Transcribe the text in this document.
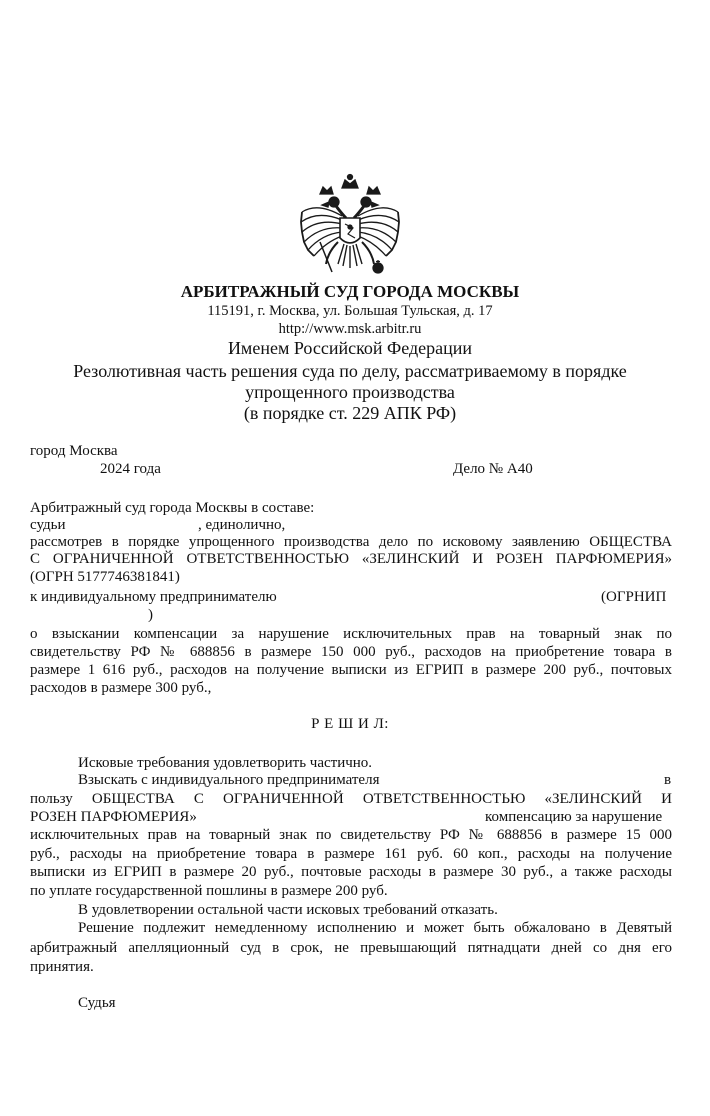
АРБИТРАЖНЫЙ СУД ГОРОДА МОСКВЫ
115191, г. Москва, ул. Большая Тульская, д. 17
http://www.msk.arbitr.ru
Именем Российской Федерации
Резолютивная часть решения суда по делу, рассматриваемому в порядке
упрощенного производства
(в порядке ст. 229 АПК РФ)
город Москва
2024 года	Дело № А40
Арбитражный суд города Москвы в составе:
судьи	, единолично,
рассмотрев в порядке упрощенного производства дело по исковому заявлению ОБЩЕСТВА
С ОГРАНИЧЕННОЙ ОТВЕТСТВЕННОСТЬЮ «ЗЕЛИНСКИЙ И РОЗЕН ПАРФЮМЕРИЯ»
(ОГРН 5177746381841)
к индивидуальному предпринимателю	(ОГРНИП
)
о взыскании компенсации за нарушение исключительных прав на товарный знак по
свидетельству РФ № 688856 в размере 150 000 руб., расходов на приобретение товара в
размере 1 616 руб., расходов на получение выписки из ЕГРИП в размере 200 руб., почтовых
расходов в размере 300 руб.,
Р Е Ш И Л:
Исковые требования удовлетворить частично.
Взыскать с индивидуального предпринимателя	в
пользу ОБЩЕСТВА С ОГРАНИЧЕННОЙ ОТВЕТСТВЕННОСТЬЮ «ЗЕЛИНСКИЙ И
РОЗЕН ПАРФЮМЕРИЯ»	компенсацию за нарушение
исключительных прав на товарный знак по свидетельству РФ № 688856 в размере 15 000
руб., расходы на приобретение товара в размере 161 руб. 60 коп., расходы на получение
выписки из ЕГРИП в размере 20 руб., почтовые расходы в размере 30 руб., а также расходы
по уплате государственной пошлины в размере 200 руб.
В удовлетворении остальной части исковых требований отказать.
Решение подлежит немедленному исполнению и может быть обжаловано в Девятый
арбитражный апелляционный суд в срок, не превышающий пятнадцати дней со дня его
принятия.
Судья
